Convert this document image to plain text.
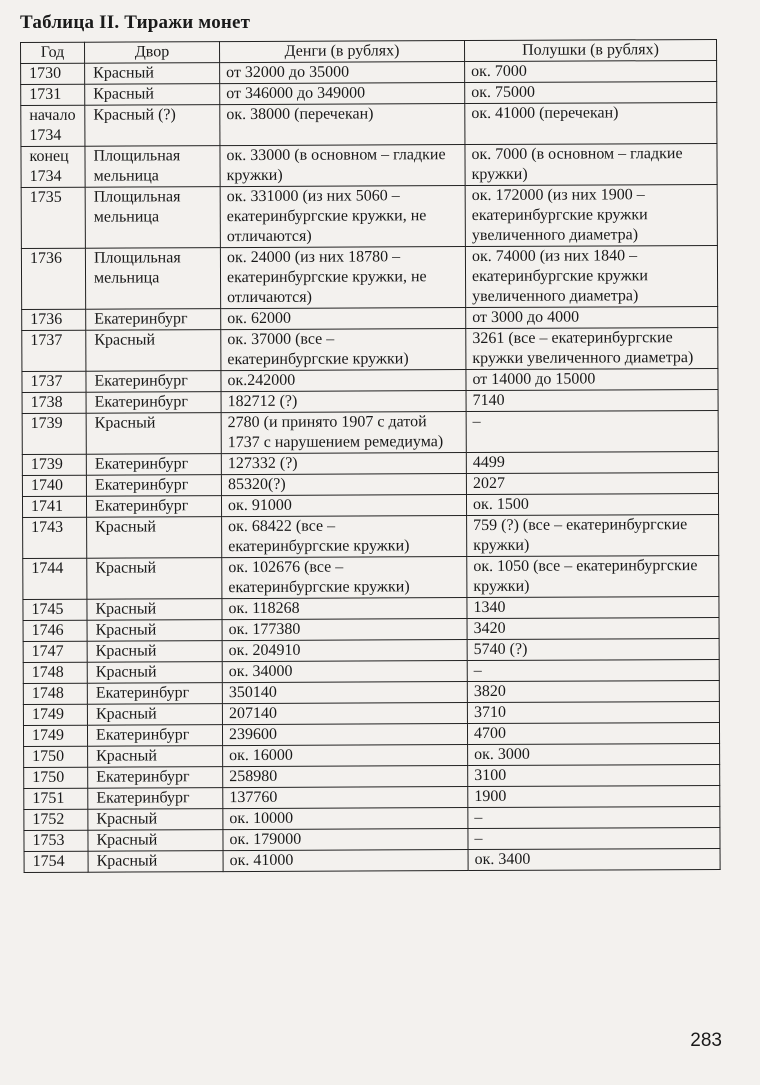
Таблица II. Тиражи монет
Год	Двор	Денги (в рублях)	Полушки (в рублях)
1730	Красный	от 32000 до 35000	ок. 7000
1731	Красный	от 346000 до 349000	ок. 75000
начало 1734	Красный (?)	ок. 38000 (перечекан)	ок. 41000 (перечекан)
конец 1734	Площильная мельница	ок. 33000 (в основном – гладкие кружки)	ок. 7000 (в основном – гладкие кружки)
1735	Площильная мельница	ок. 331000 (из них 5060 – екатеринбургские кружки, не отличаются)	ок. 172000 (из них 1900 – екатеринбургские кружки увеличенного диаметра)
1736	Площильная мельница	ок. 24000 (из них 18780 – екатеринбургские кружки, не отличаются)	ок. 74000 (из них 1840 – екатеринбургские кружки увеличенного диаметра)
1736	Екатеринбург	ок. 62000	от 3000 до 4000
1737	Красный	ок. 37000 (все – екатеринбургские кружки)	3261 (все – екатеринбургские кружки увеличенного диаметра)
1737	Екатеринбург	ок.242000	от 14000 до 15000
1738	Екатеринбург	182712 (?)	7140
1739	Красный	2780 (и принято 1907 с датой 1737 с нарушением ремедиума)	–
1739	Екатеринбург	127332 (?)	4499
1740	Екатеринбург	85320(?)	2027
1741	Екатеринбург	ок. 91000	ок. 1500
1743	Красный	ок. 68422 (все – екатеринбургские кружки)	759 (?) (все – екатеринбургские кружки)
1744	Красный	ок. 102676 (все – екатеринбургские кружки)	ок. 1050 (все – екатеринбургские кружки)
1745	Красный	ок. 118268	1340
1746	Красный	ок. 177380	3420
1747	Красный	ок. 204910	5740 (?)
1748	Красный	ок. 34000	–
1748	Екатеринбург	350140	3820
1749	Красный	207140	3710
1749	Екатеринбург	239600	4700
1750	Красный	ок. 16000	ок. 3000
1750	Екатеринбург	258980	3100
1751	Екатеринбург	137760	1900
1752	Красный	ок. 10000	–
1753	Красный	ок. 179000	–
1754	Красный	ок. 41000	ок. 3400
283
